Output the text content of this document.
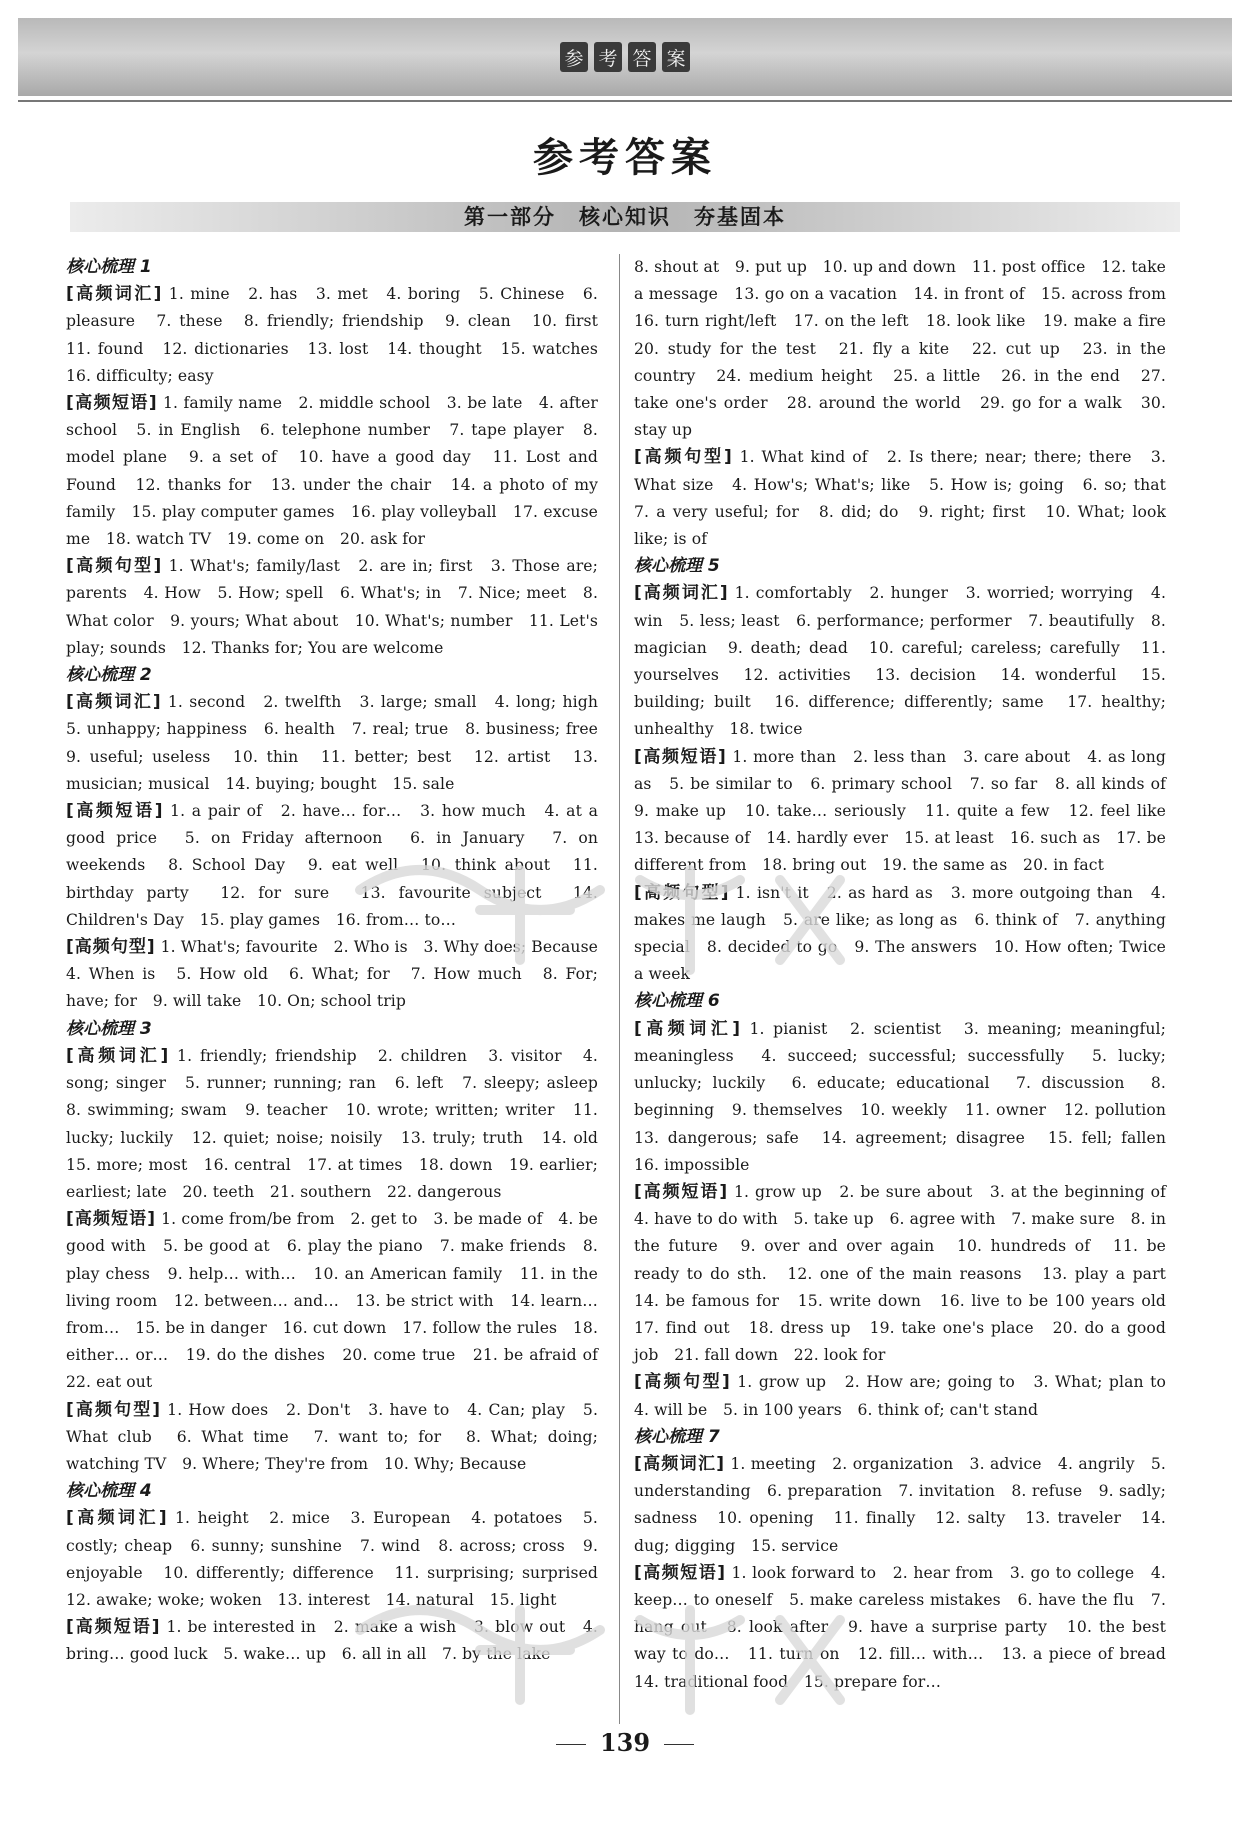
参 考 答 案
参考答案
第一部分　核心知识　夯基固本
核心梳理 1
[高频词汇] 1. mine　2. has　3. met　4. boring　5. Chinese　6. pleasure　7. these　8. friendly; friendship　9. clean　10. first　11. found　12. dictionaries　13. lost　14. thought　15. watches　16. difficulty; easy
[高频短语] 1. family name　2. middle school　3. be late　4. after school　5. in English　6. telephone number　7. tape player　8. model plane　9. a set of　10. have a good day　11. Lost and Found　12. thanks for　13. under the chair　14. a photo of my family　15. play computer games　16. play volleyball　17. excuse me　18. watch TV　19. come on　20. ask for
[高频句型] 1. What's; family/last　2. are in; first　3. Those are; parents　4. How　5. How; spell　6. What's; in　7. Nice; meet　8. What color　9. yours; What about　10. What's; number　11. Let's play; sounds　12. Thanks for; You are welcome
核心梳理 2
[高频词汇] 1. second　2. twelfth　3. large; small　4. long; high　5. unhappy; happiness　6. health　7. real; true　8. business; free　9. useful; useless　10. thin　11. better; best　12. artist　13. musician; musical　14. buying; bought　15. sale
[高频短语] 1. a pair of　2. have… for…　3. how much　4. at a good price　5. on Friday afternoon　6. in January　7. on weekends　8. School Day　9. eat well　10. think about　11. birthday party　12. for sure　13. favourite subject　14. Children's Day　15. play games　16. from… to…
[高频句型] 1. What's; favourite　2. Who is　3. Why does; Because　4. When is　5. How old　6. What; for　7. How much　8. For; have; for　9. will take　10. On; school trip
核心梳理 3
[高频词汇] 1. friendly; friendship　2. children　3. visitor　4. song; singer　5. runner; running; ran　6. left　7. sleepy; asleep　8. swimming; swam　9. teacher　10. wrote; written; writer　11. lucky; luckily　12. quiet; noise; noisily　13. truly; truth　14. old　15. more; most　16. central　17. at times　18. down　19. earlier; earliest; late　20. teeth　21. southern　22. dangerous
[高频短语] 1. come from/be from　2. get to　3. be made of　4. be good with　5. be good at　6. play the piano　7. make friends　8. play chess　9. help… with…　10. an American family　11. in the living room　12. between… and…　13. be strict with　14. learn… from…　15. be in danger　16. cut down　17. follow the rules　18. either… or…　19. do the dishes　20. come true　21. be afraid of　22. eat out
[高频句型] 1. How does　2. Don't　3. have to　4. Can; play　5. What club　6. What time　7. want to; for　8. What; doing; watching TV　9. Where; They're from　10. Why; Because
核心梳理 4
[高频词汇] 1. height　2. mice　3. European　4. potatoes　5. costly; cheap　6. sunny; sunshine　7. wind　8. across; cross　9. enjoyable　10. differently; difference　11. surprising; surprised　12. awake; woke; woken　13. interest　14. natural　15. light
[高频短语] 1. be interested in　2. make a wish　3. blow out　4. bring… good luck　5. wake… up　6. all in all　7. by the lake
8. shout at　9. put up　10. up and down　11. post office　12. take a message　13. go on a vacation　14. in front of　15. across from　16. turn right/left　17. on the left　18. look like　19. make a fire　20. study for the test　21. fly a kite　22. cut up　23. in the country　24. medium height　25. a little　26. in the end　27. take one's order　28. around the world　29. go for a walk　30. stay up
[高频句型] 1. What kind of　2. Is there; near; there; there　3. What size　4. How's; What's; like　5. How is; going　6. so; that　7. a very useful; for　8. did; do　9. right; first　10. What; look like; is of
核心梳理 5
[高频词汇] 1. comfortably　2. hunger　3. worried; worrying　4. win　5. less; least　6. performance; performer　7. beautifully　8. magician　9. death; dead　10. careful; careless; carefully　11. yourselves　12. activities　13. decision　14. wonderful　15. building; built　16. difference; differently; same　17. healthy; unhealthy　18. twice
[高频短语] 1. more than　2. less than　3. care about　4. as long as　5. be similar to　6. primary school　7. so far　8. all kinds of　9. make up　10. take… seriously　11. quite a few　12. feel like　13. because of　14. hardly ever　15. at least　16. such as　17. be different from　18. bring out　19. the same as　20. in fact
[高频句型] 1. isn't it　2. as hard as　3. more outgoing than　4. makes me laugh　5. are like; as long as　6. think of　7. anything special　8. decided to go　9. The answers　10. How often; Twice a week
核心梳理 6
[高频词汇] 1. pianist　2. scientist　3. meaning; meaningful; meaningless　4. succeed; successful; successfully　5. lucky; unlucky; luckily　6. educate; educational　7. discussion　8. beginning　9. themselves　10. weekly　11. owner　12. pollution　13. dangerous; safe　14. agreement; disagree　15. fell; fallen　16. impossible
[高频短语] 1. grow up　2. be sure about　3. at the beginning of　4. have to do with　5. take up　6. agree with　7. make sure　8. in the future　9. over and over again　10. hundreds of　11. be ready to do sth.　12. one of the main reasons　13. play a part　14. be famous for　15. write down　16. live to be 100 years old　17. find out　18. dress up　19. take one's place　20. do a good job　21. fall down　22. look for
[高频句型] 1. grow up　2. How are; going to　3. What; plan to　4. will be　5. in 100 years　6. think of; can't stand
核心梳理 7
[高频词汇] 1. meeting　2. organization　3. advice　4. angrily　5. understanding　6. preparation　7. invitation　8. refuse　9. sadly; sadness　10. opening　11. finally　12. salty　13. traveler　14. dug; digging　15. service
[高频短语] 1. look forward to　2. hear from　3. go to college　4. keep… to oneself　5. make careless mistakes　6. have the flu　7. hang out　8. look after　9. have a surprise party　10. the best way to do…　11. turn on　12. fill… with…　13. a piece of bread　14. traditional food　15. prepare for…
139
